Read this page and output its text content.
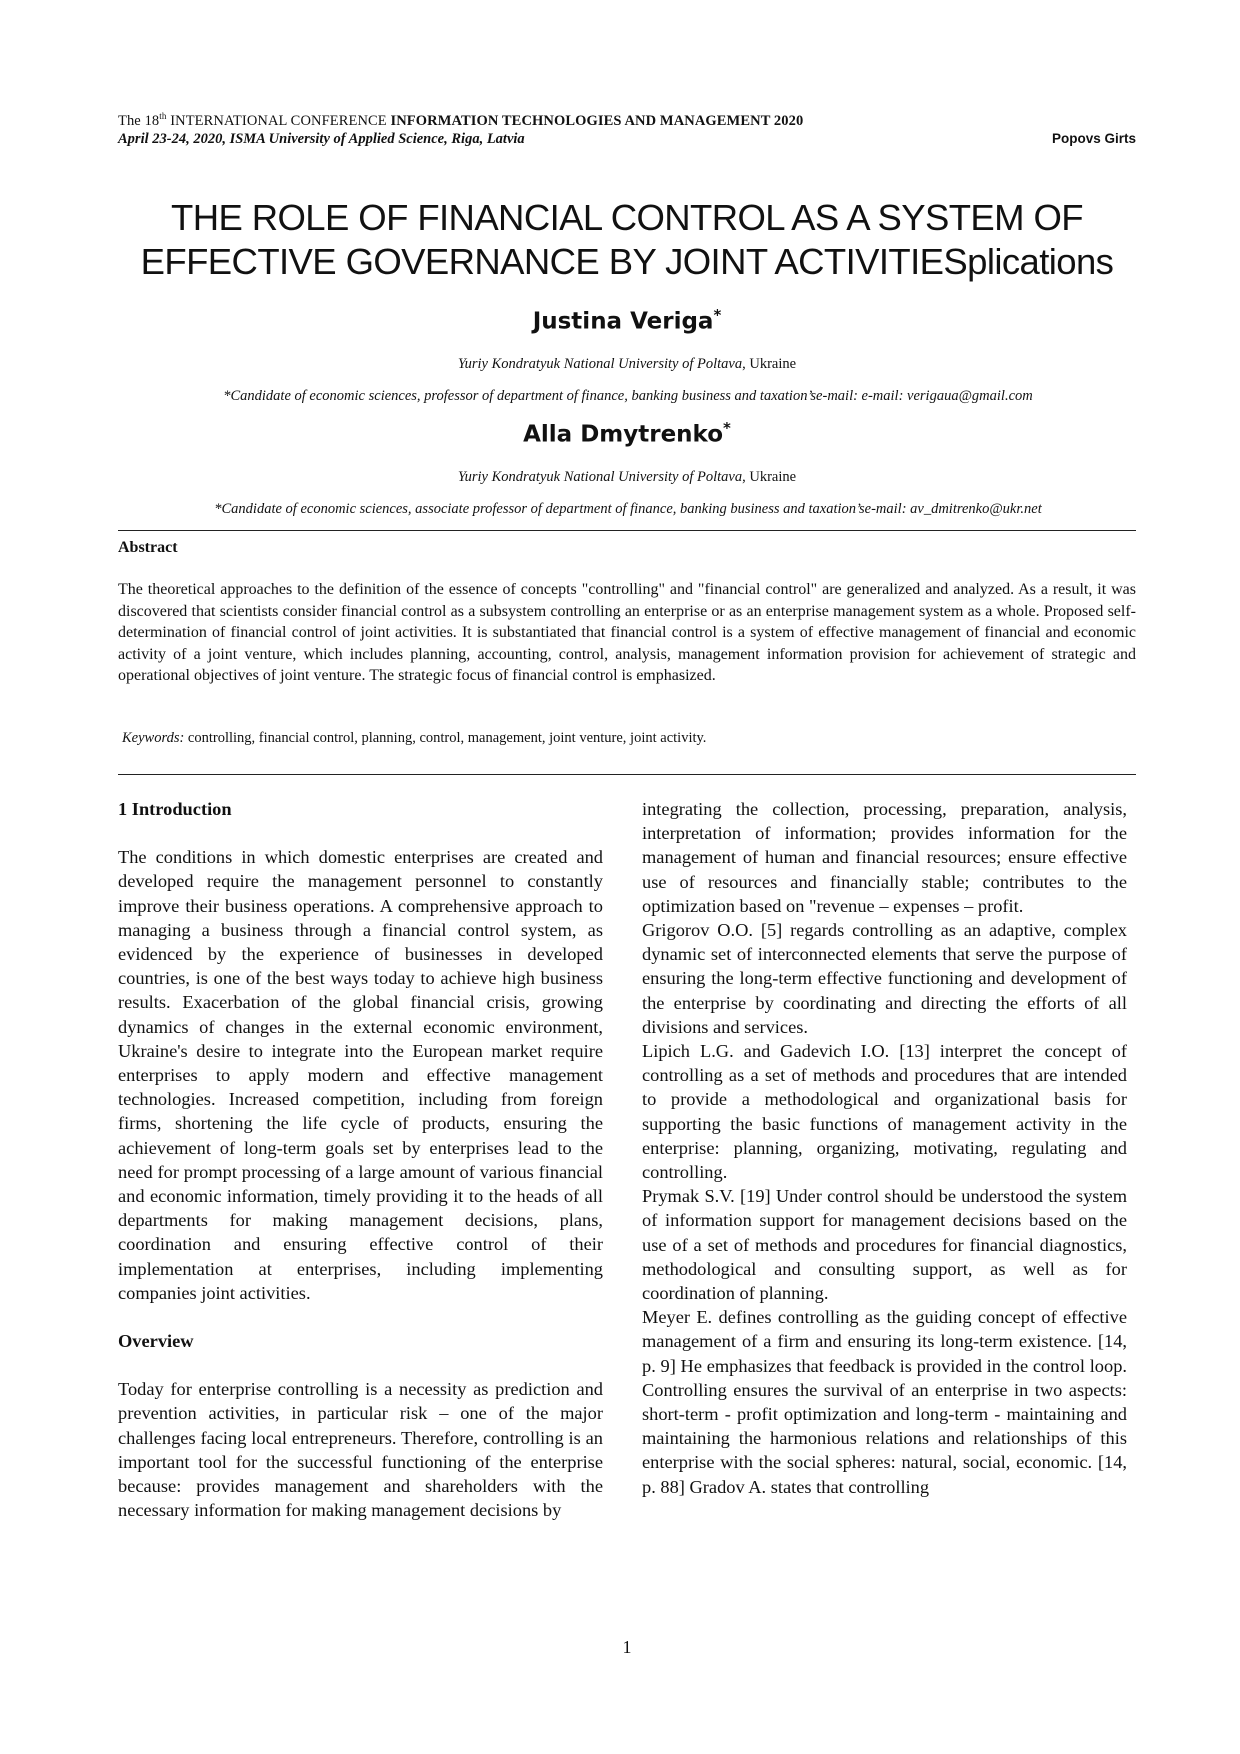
The 18th INTERNATIONAL CONFERENCE INFORMATION TECHNOLOGIES AND MANAGEMENT 2020
April 23-24, 2020, ISMA University of Applied Science, Riga, Latvia	Popovs Girts
THE ROLE OF FINANCIAL CONTROL AS A SYSTEM OF
EFFECTIVE GOVERNANCE BY JOINT ACTIVITIESplications
Justina Veriga*
Yuriy Kondratyuk National University of Poltava, Ukraine
*Candidate of economic sciences, professor of department of finance, banking business and taxation’se-mail: e-mail: verigaua@gmail.com
Alla Dmytrenko*
Yuriy Kondratyuk National University of Poltava, Ukraine
*Candidate of economic sciences, associate professor of department of finance, banking business and taxation’se-mail: av_dmitrenko@ukr.net
Abstract
The theoretical approaches to the definition of the essence of concepts "controlling" and "financial control" are generalized and analyzed. As a result, it was discovered that scientists consider financial control as a subsystem controlling an enterprise or as an enterprise management system as a whole. Proposed self-determination of financial control of joint activities. It is substantiated that financial control is a system of effective management of financial and economic activity of a joint venture, which includes planning, accounting, control, analysis, management information provision for achievement of strategic and operational objectives of joint venture. The strategic focus of financial control is emphasized.
Keywords: controlling, financial control, planning, control, management, joint venture, joint activity.

1 Introduction

The conditions in which domestic enterprises are created and developed require the management personnel to constantly improve their business operations. A comprehensive approach to managing a business through a financial control system, as evidenced by the experience of businesses in developed countries, is one of the best ways today to achieve high business results. Exacerbation of the global financial crisis, growing dynamics of changes in the external economic environment, Ukraine's desire to integrate into the European market require enterprises to apply modern and effective management technologies. Increased competition, including from foreign firms, shortening the life cycle of products, ensuring the achievement of long-term goals set by enterprises lead to the need for prompt processing of a large amount of various financial and economic information, timely providing it to the heads of all departments for making management decisions, plans, coordination and ensuring effective control of their implementation at enterprises, including implementing companies joint activities.

Overview

Today for enterprise controlling is a necessity as prediction and prevention activities, in particular risk – one of the major challenges facing local entrepreneurs. Therefore, controlling is an important tool for the successful functioning of the enterprise because: provides management and shareholders with the necessary information for making management decisions by

integrating the collection, processing, preparation, analysis, interpretation of information; provides information for the management of human and financial resources; ensure effective use of resources and financially stable; contributes to the optimization based on "revenue – expenses – profit.

Grigorov O.O. [5] regards controlling as an adaptive, complex dynamic set of interconnected elements that serve the purpose of ensuring the long-term effective functioning and development of the enterprise by coordinating and directing the efforts of all divisions and services.

Lipich L.G. and Gadevich I.O. [13] interpret the concept of controlling as a set of methods and procedures that are intended to provide a methodological and organizational basis for supporting the basic functions of management activity in the enterprise: planning, organizing, motivating, regulating and controlling.

Prymak S.V. [19] Under control should be understood the system of information support for management decisions based on the use of a set of methods and procedures for financial diagnostics, methodological and consulting support, as well as for coordination of planning.

Meyer E. defines controlling as the guiding concept of effective management of a firm and ensuring its long-term existence. [14, p. 9] He emphasizes that feedback is provided in the control loop. Controlling ensures the survival of an enterprise in two aspects: short-term - profit optimization and long-term - maintaining and maintaining the harmonious relations and relationships of this enterprise with the social spheres: natural, social, economic. [14, p. 88] Gradov A. states that controlling

1
